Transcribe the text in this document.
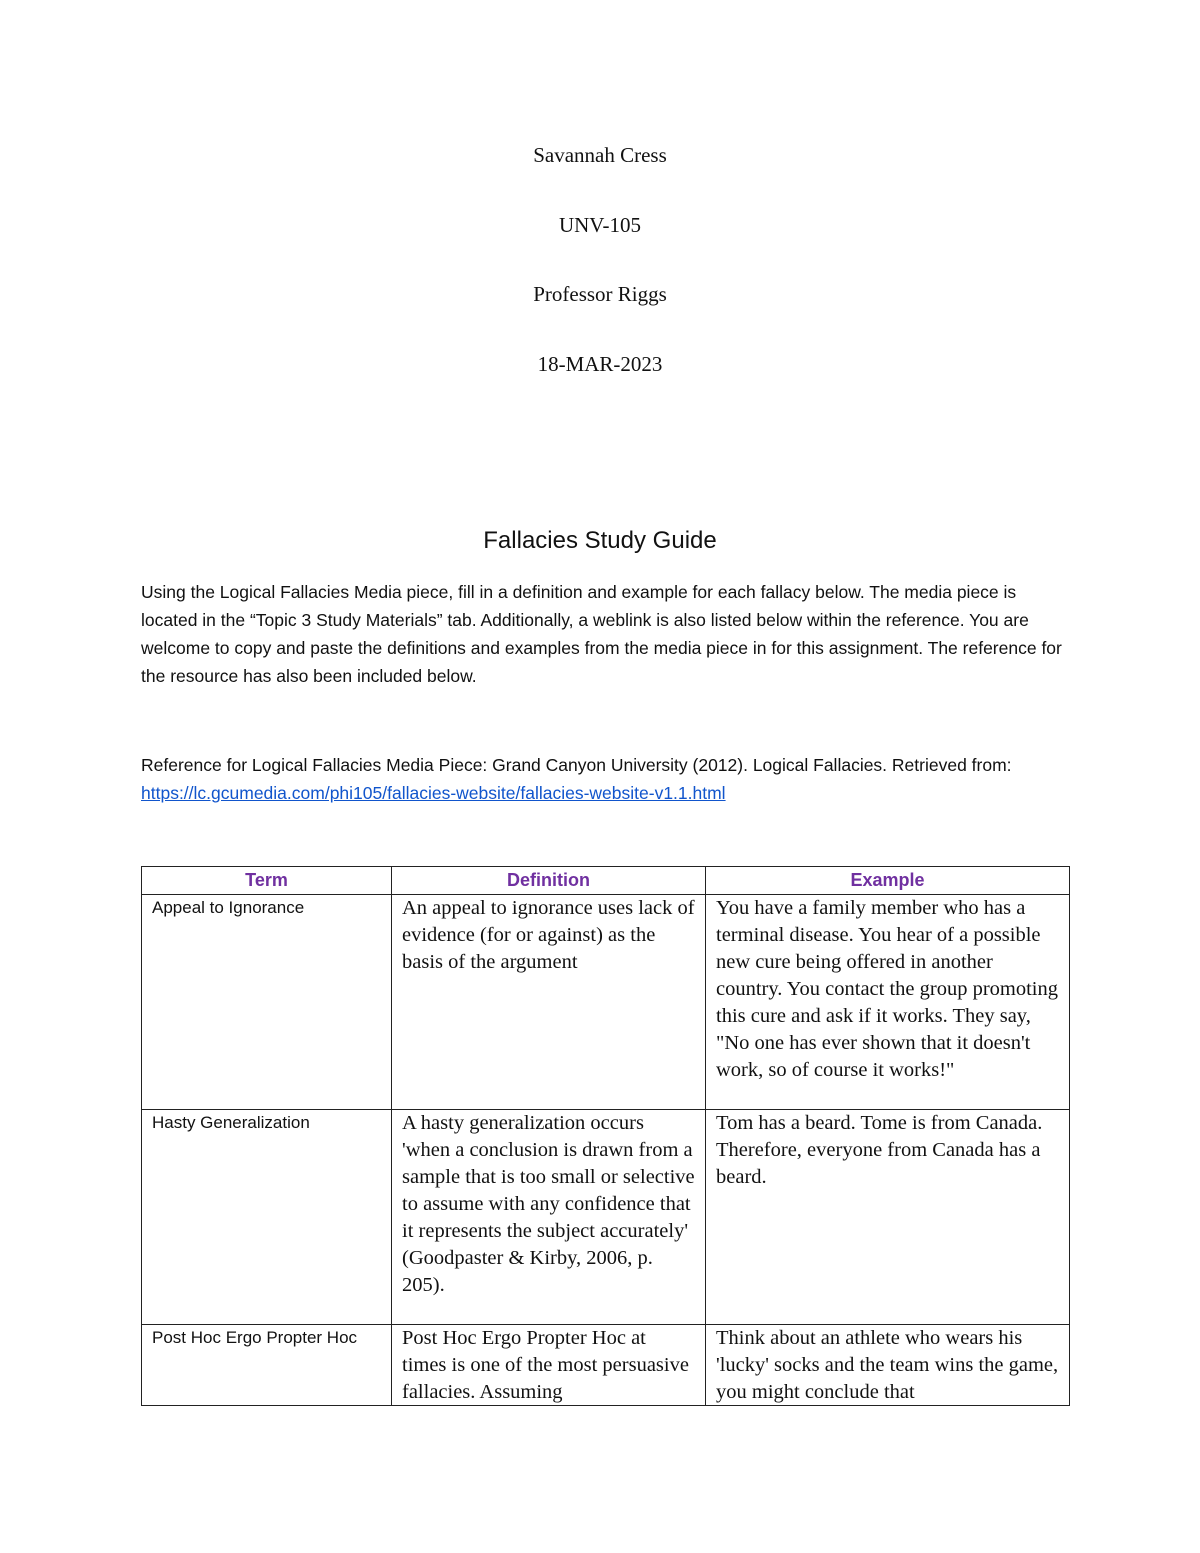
Savannah Cress
UNV-105
Professor Riggs
18-MAR-2023
Fallacies Study Guide

Using the Logical Fallacies Media piece, fill in a definition and example for each fallacy below. The media piece is located in the “Topic 3 Study Materials” tab. Additionally, a weblink is also listed below within the reference. You are welcome to copy and paste the definitions and examples from the media piece in for this assignment. The reference for the resource has also been included below.

Reference for Logical Fallacies Media Piece: Grand Canyon University (2012). Logical Fallacies. Retrieved from: https://lc.gcumedia.com/phi105/fallacies-website/fallacies-website-v1.1.html

Term	Definition	Example
Appeal to Ignorance	An appeal to ignorance uses lack of evidence (for or against) as the basis of the argument	You have a family member who has a terminal disease. You hear of a possible new cure being offered in another country. You contact the group promoting this cure and ask if it works. They say, "No one has ever shown that it doesn't work, so of course it works!"
Hasty Generalization	A hasty generalization occurs 'when a conclusion is drawn from a sample that is too small or selective to assume with any confidence that it represents the subject accurately' (Goodpaster & Kirby, 2006, p. 205).	Tom has a beard. Tome is from Canada. Therefore, everyone from Canada has a beard.

Post Hoc Ergo Propter Hoc	Post Hoc Ergo Propter Hoc at times is one of the most persuasive fallacies. Assuming	Think about an athlete who wears his 'lucky' socks and the team wins the game, you might conclude that
